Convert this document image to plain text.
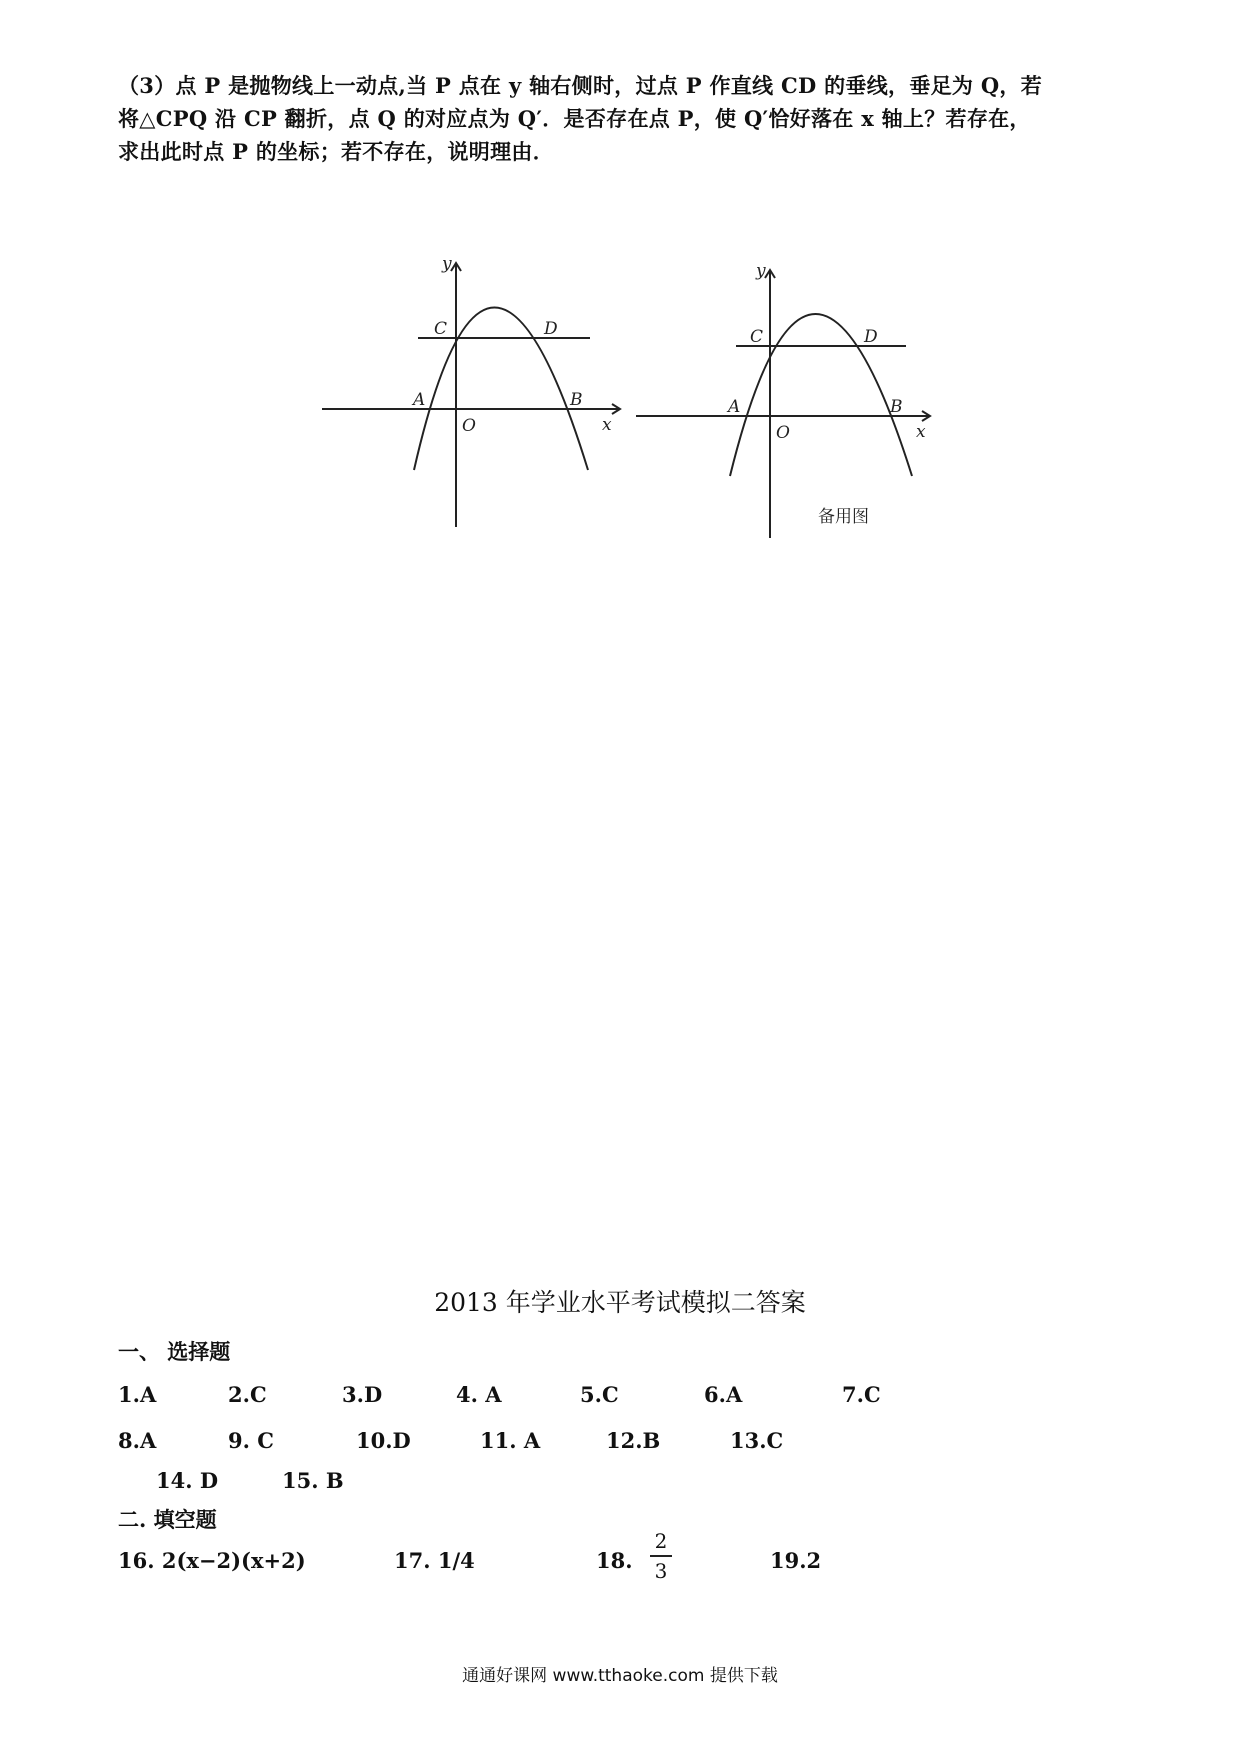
（3）点 P 是抛物线上一动点,当 P 点在 y 轴右侧时，过点 P 作直线 CD 的垂线，垂足为 Q，若
将△CPQ 沿 CP 翻折，点 Q 的对应点为 Q′．是否存在点 P，使 Q′恰好落在 x 轴上？若存在，
求出此时点 P 的坐标；若不存在，说明理由．
y
x
O
A	B
C	D
y
x
O
A	B
C	D
备用图
2013 年学业水平考试模拟二答案
一、 选择题
1.A	2.C	3.D	4. A	5.C	6.A	7.C
8.A	9. C	10.D	11. A	12.B	13.C
14. D	15. B
二. 填空题
16. 2(x−2)(x+2)	17. 1/4	18.
2
3	19.2
通通好课网 www.tthaoke.com 提供下载
